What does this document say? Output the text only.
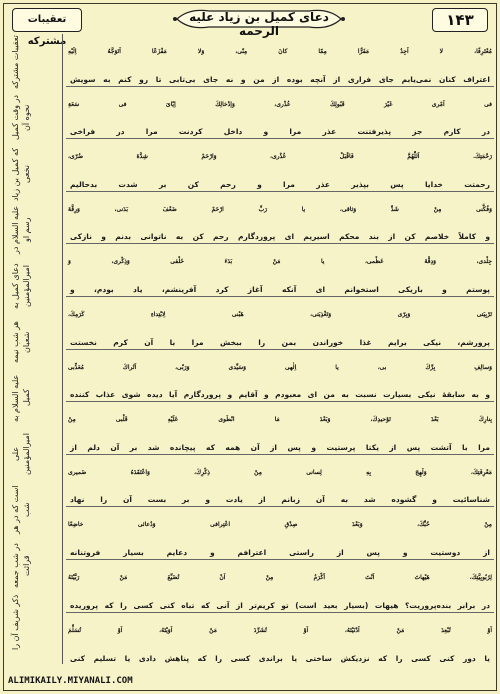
۱۴۳
دعای کمیل بن زیاد علیه الرحمه
تعقیبات مشترکه
تعقیبات مشترکه
در وقت کمیل نحوه آن
که کمیل بن زیاد نخعی
علیه السلام در رسم او
دعای کمیل به امیرالمؤمنین
هر شب نیمه شعبان
علیه السلام به کمیل
علی امیرالمؤمنین
است که در هر شب
در شب جمعه قرائت
ذکر شریف آن را
مُعْتَرِفًا، لا اَجِدُ مَفَرًّا مِمّا كانَ مِنّى، وَلا مَفْزَعًا اَتَوَجَّهُ اِلَيْهِ
اعتراف کنان نمی‌یابم جای فراری از آنچه بوده از من و نه جای بی‌تابی تا رو کنم به سویش
فى اَمْرى غَيْرَ قَبُولِكَ عُذْرى، وَاِدْخالِكَ اِيّاىَ فى سَعَةِ
در کارم جز پذیرفتنت عذر مرا و داخل کردنت مرا در فراخی
رَحْمَتِكَ. اَللّٰهُمَّ فَاقْبَلْ عُذْرى، وَارْحَمْ شِدَّةَ ضُرّى،
رحمتت خدایا پس بپذیر عذر مرا و رحم کن بر شدت بدحالیم
وَفُكَّنى مِنْ شَدِّ وَثاقى، يا رَبِّ ارْحَمْ ضَعْفَ بَدَنى، وَرِقَّةَ
و کاملاً خلاصم کن از بند محکم اسیریم ای پروردگارم رحم کن به ناتوانی بدنم و نازکی
جِلْدى، وَدِقَّةَ عَظْمى، يا مَنْ بَدَءَ خَلْقى وَذِكْرى، وَ
پوستم و باریکی استخوانم ای آنکه آغاز کرد آفرینشم، یاد بودم، و
تَرْبِيَتى وَبِرّى وَتَغْذِيَتى، هَبْنى لِابْتِداءِ كَرَمِكَ،
پرورشم، نیکی برایم غذا خوراندن بمن را ببخش مرا با آن کرم نخستت
وَسالِفِ بِرِّكَ بى، يا اِلٰهى وَسَيِّدى وَرَبّى، اَتُراكَ مُعَذِّبى
و به سابقهٔ نیکی بسیارت نسبت به من ای معبودم و آقایم و پروردگارم آیا دیده شوی عذاب کننده
بِنارِكَ بَعْدَ تَوْحيدِكَ، وَبَعْدَ مَا انْطَوى عَلَيْهِ قَلْبى مِنْ
مرا با آتشت پس از یکتا پرستیت و پس از آن همه که پیچانده شد بر آن دلم از
مَعْرِفَتِكَ، وَلَهِجَ بِهِ لِسانى مِنْ ذِكْرِكَ، وَاعْتَقَدَهُ ضَميرى
شناسائیت و گشوده شد به آن زبانم از یادت و بر بست آن را نهاد
مِنْ حُبِّكَ، وَبَعْدَ صِدْقِ اعْتِرافى وَدُعائى خاضِعًا
از دوستیت و پس از راستی اعترافم و دعایم بسیار فروتنانه
لِرُبُوبِيَّتِكَ، هَيْهاتَ اَنْتَ اَكْرَمُ مِنْ اَنْ تُضَيِّعَ مَنْ رَبَّيْتَهُ
در برابر بنده‌پروریت؟ هیهات (بسیار بعید است) تو کریم‌تر از آنی که تباه کنی کسی را که پروریده
اَوْ تُبْعِدَ مَنْ اَدْنَيْتَهُ، اَوْ تُشَرِّدَ مَنْ اَوَيْتَهُ، اَوْ تُسَلِّمَ
یا دور کنی کسی را که نزدیکش ساختی یا براندی کسی را که پناهش دادی یا تسلیم کنی
ALIMIKAILY.MIYANALI.COM
